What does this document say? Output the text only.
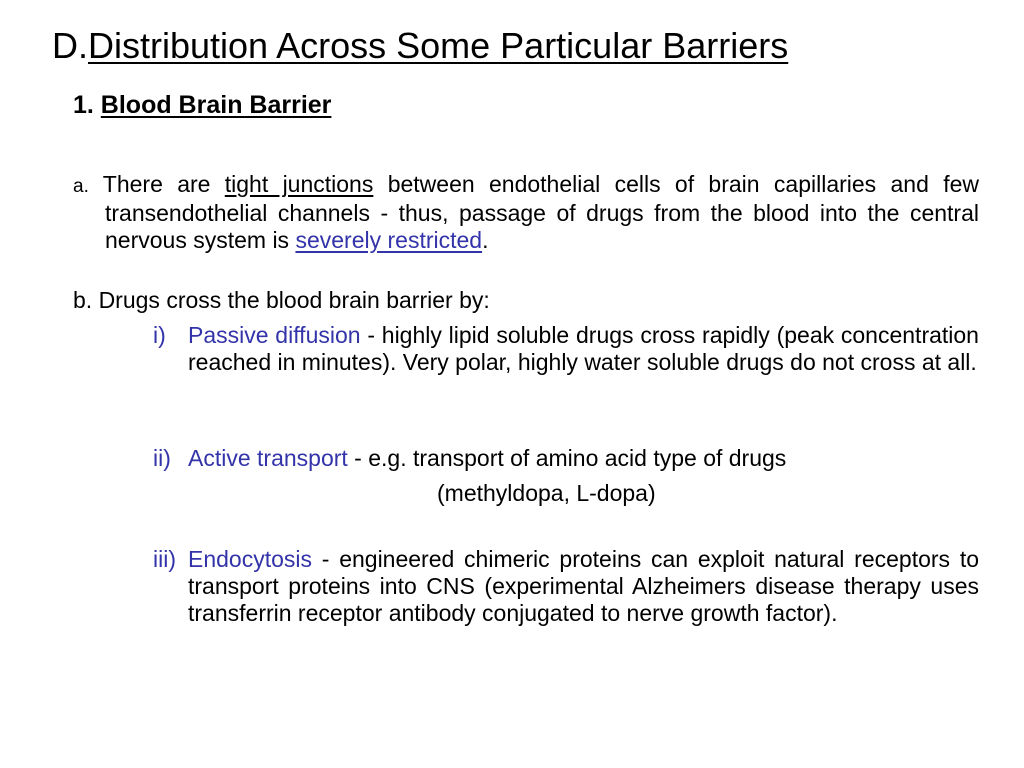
D.Distribution Across Some Particular Barriers
1. Blood Brain Barrier
a. There are tight junctions between endothelial cells of brain capillaries and few transendothelial channels - thus, passage of drugs from the blood into the central nervous system is severely restricted.
b. Drugs cross the blood brain barrier by:
i) Passive diffusion - highly lipid soluble drugs cross rapidly (peak concentration reached in minutes). Very polar, highly water soluble drugs do not cross at all.
ii) Active transport - e.g. transport of amino acid type of drugs
(methyldopa, L-dopa)
iii) Endocytosis - engineered chimeric proteins can exploit natural receptors to transport proteins into CNS (experimental Alzheimers disease therapy uses transferrin receptor antibody conjugated to nerve growth factor).
